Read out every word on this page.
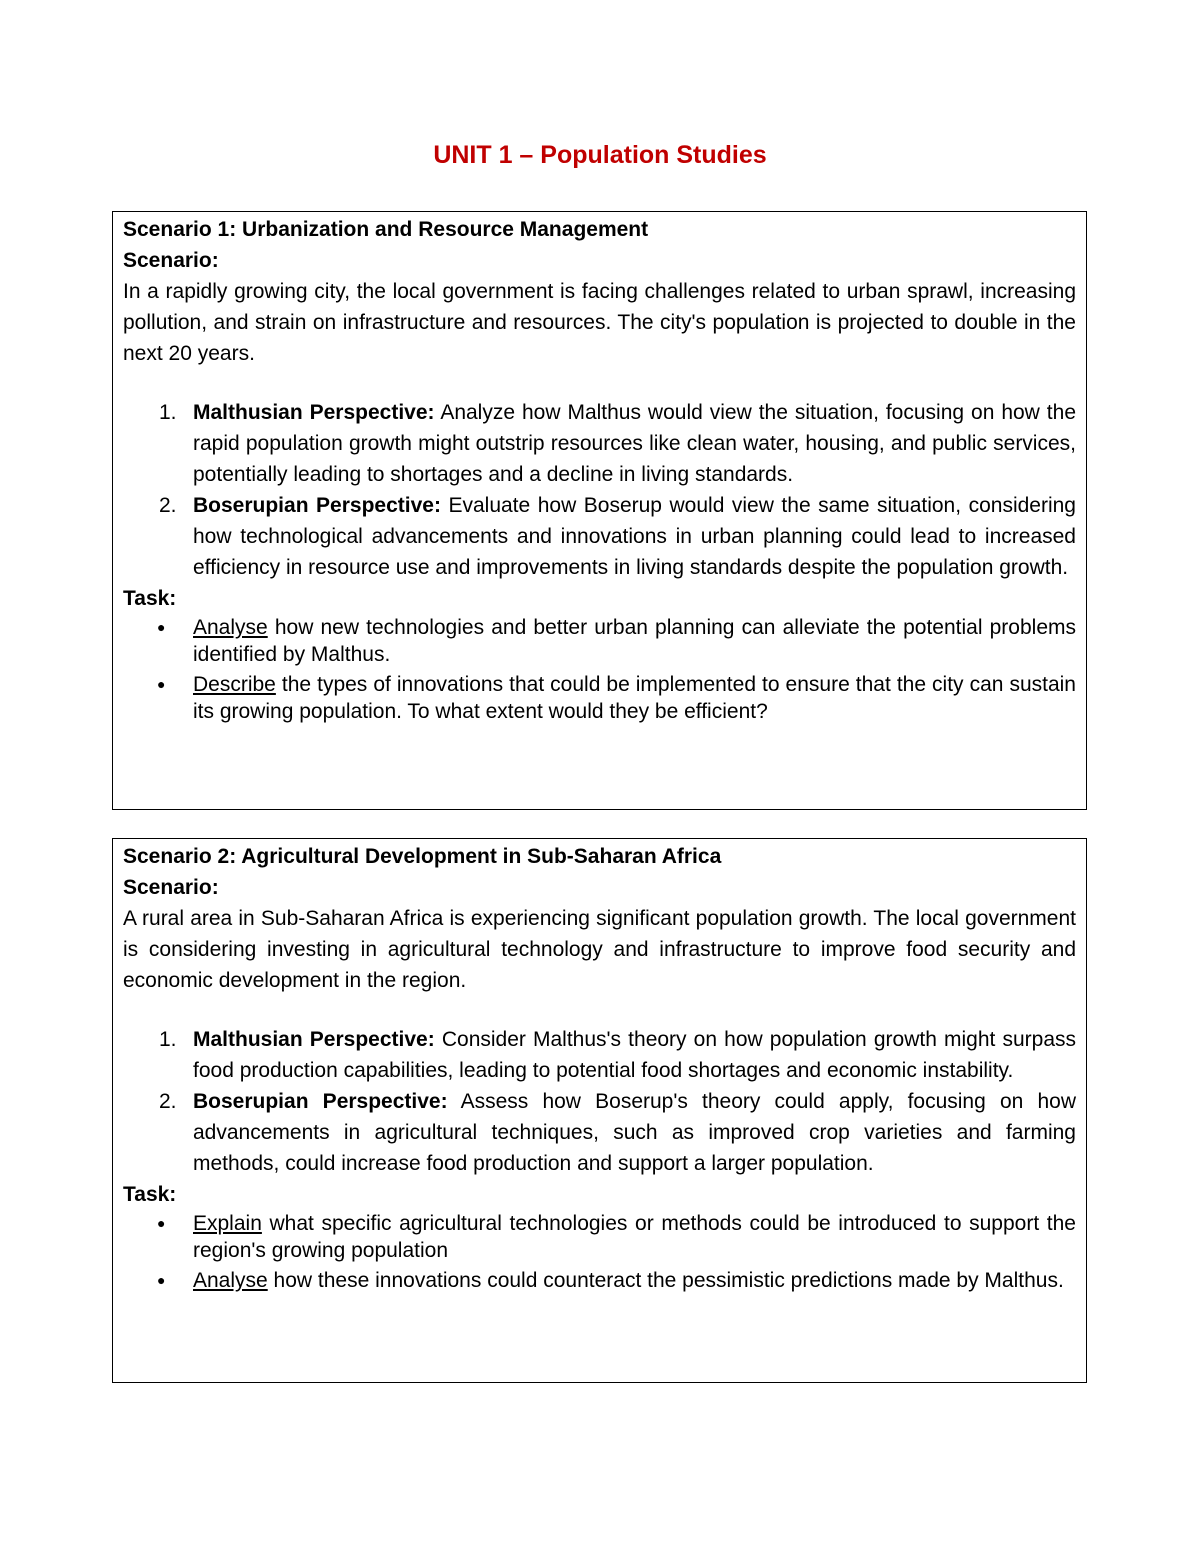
UNIT 1 – Population Studies

Scenario 1: Urbanization and Resource Management

Scenario:

In a rapidly growing city, the local government is facing challenges related to urban sprawl, increasing pollution, and strain on infrastructure and resources. The city's population is projected to double in the next 20 years.

1. Malthusian Perspective: Analyze how Malthus would view the situation, focusing on how the rapid population growth might outstrip resources like clean water, housing, and public services, potentially leading to shortages and a decline in living standards.
2. Boserupian Perspective: Evaluate how Boserup would view the same situation, considering how technological advancements and innovations in urban planning could lead to increased efficiency in resource use and improvements in living standards despite the population growth.

Task:

●	Analyse how new technologies and better urban planning can alleviate the potential problems identified by Malthus.
●	Describe the types of innovations that could be implemented to ensure that the city can sustain its growing population. To what extent would they be efficient?

Scenario 2: Agricultural Development in Sub-Saharan Africa

Scenario:

A rural area in Sub-Saharan Africa is experiencing significant population growth. The local government is considering investing in agricultural technology and infrastructure to improve food security and economic development in the region.

1. Malthusian Perspective: Consider Malthus's theory on how population growth might surpass food production capabilities, leading to potential food shortages and economic instability.
2. Boserupian Perspective: Assess how Boserup's theory could apply, focusing on how advancements in agricultural techniques, such as improved crop varieties and farming methods, could increase food production and support a larger population.

Task:

●	Explain what specific agricultural technologies or methods could be introduced to support the region's growing population
●	Analyse how these innovations could counteract the pessimistic predictions made by Malthus.
